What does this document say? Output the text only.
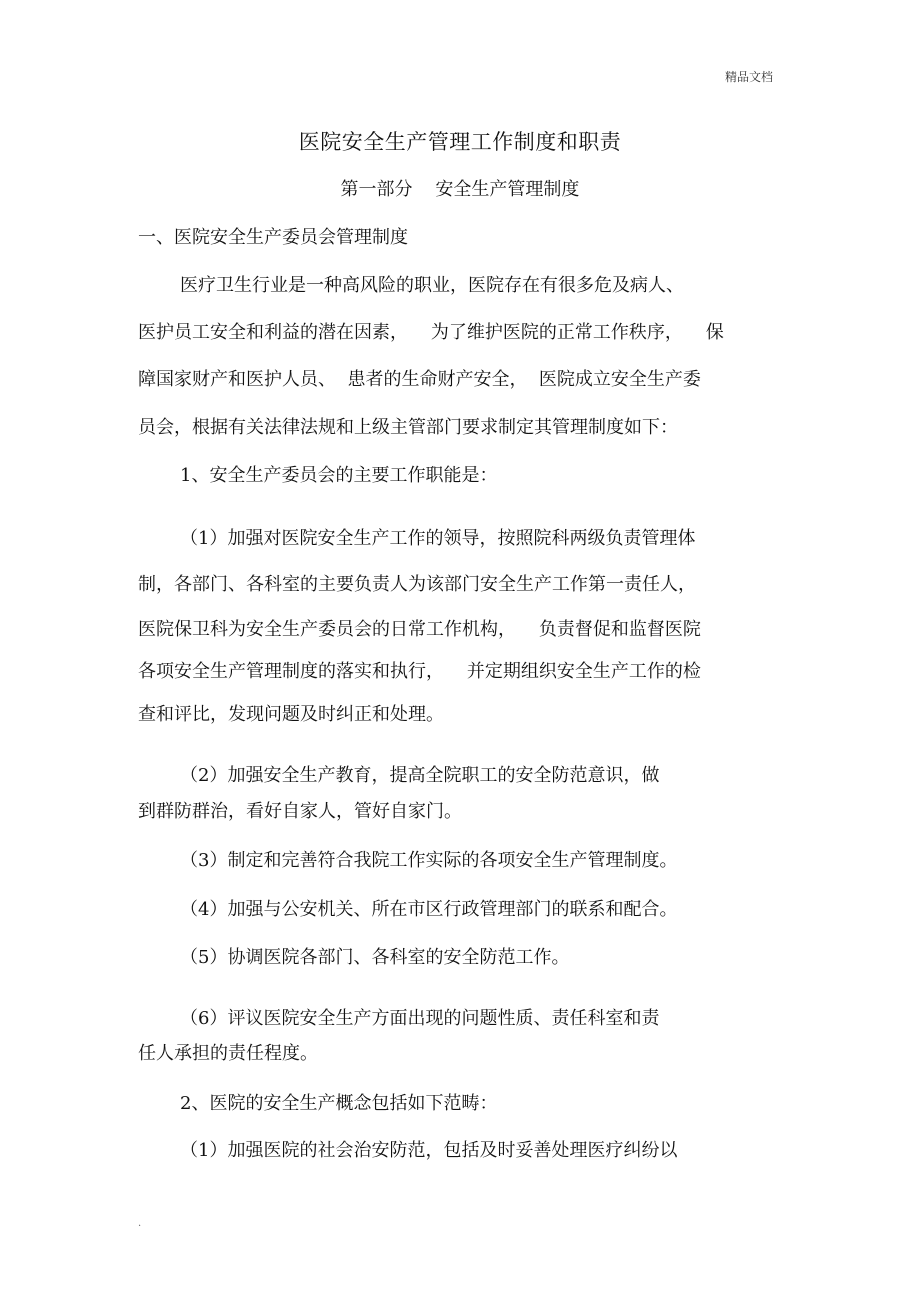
精品文档
医院安全生产管理工作制度和职责
第一部分    安全生产管理制度
一、医院安全生产委员会管理制度
医疗卫生行业是一种高风险的职业，医院存在有很多危及病人、
医护员工安全和利益的潜在因素，    为了维护医院的正常工作秩序，    保
障国家财产和医护人员、  患者的生命财产安全，  医院成立安全生产委
员会，根据有关法律法规和上级主管部门要求制定其管理制度如下：
1、安全生产委员会的主要工作职能是：
（1）加强对医院安全生产工作的领导，按照院科两级负责管理体
制，各部门、各科室的主要负责人为该部门安全生产工作第一责任人，
医院保卫科为安全生产委员会的日常工作机构，    负责督促和监督医院
各项安全生产管理制度的落实和执行，    并定期组织安全生产工作的检
查和评比，发现问题及时纠正和处理。
（2）加强安全生产教育，提高全院职工的安全防范意识，做
到群防群治，看好自家人，管好自家门。
（3）制定和完善符合我院工作实际的各项安全生产管理制度。
（4）加强与公安机关、所在市区行政管理部门的联系和配合。
（5）协调医院各部门、各科室的安全防范工作。
（6）评议医院安全生产方面出现的问题性质、责任科室和责
任人承担的责任程度。
2、医院的安全生产概念包括如下范畴：
（1）加强医院的社会治安防范，包括及时妥善处理医疗纠纷以
.
